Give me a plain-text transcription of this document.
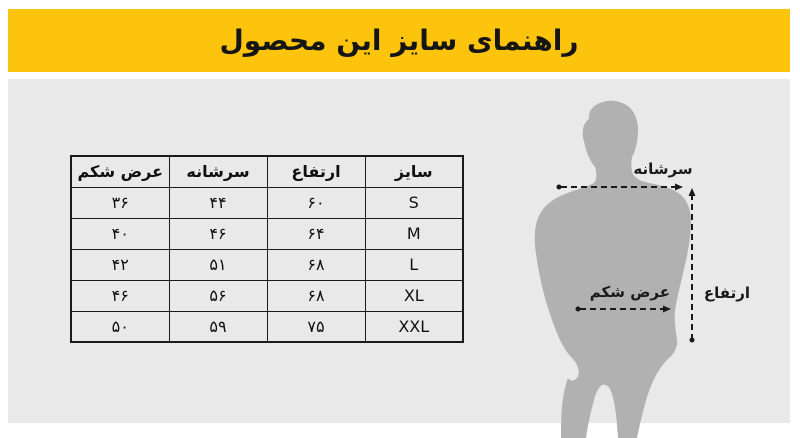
راهنمای سایز این محصول
سایز	ارتفاع	سرشانه	عرض شکم
S	۶۰	۴۴	۳۶
M	۶۴	۴۶	۴۰
L	۶۸	۵۱	۴۲
XL	۶۸	۵۶	۴۶
XXL	۷۵	۵۹	۵۰
سرشانه
عرض شکم ارتفاع
